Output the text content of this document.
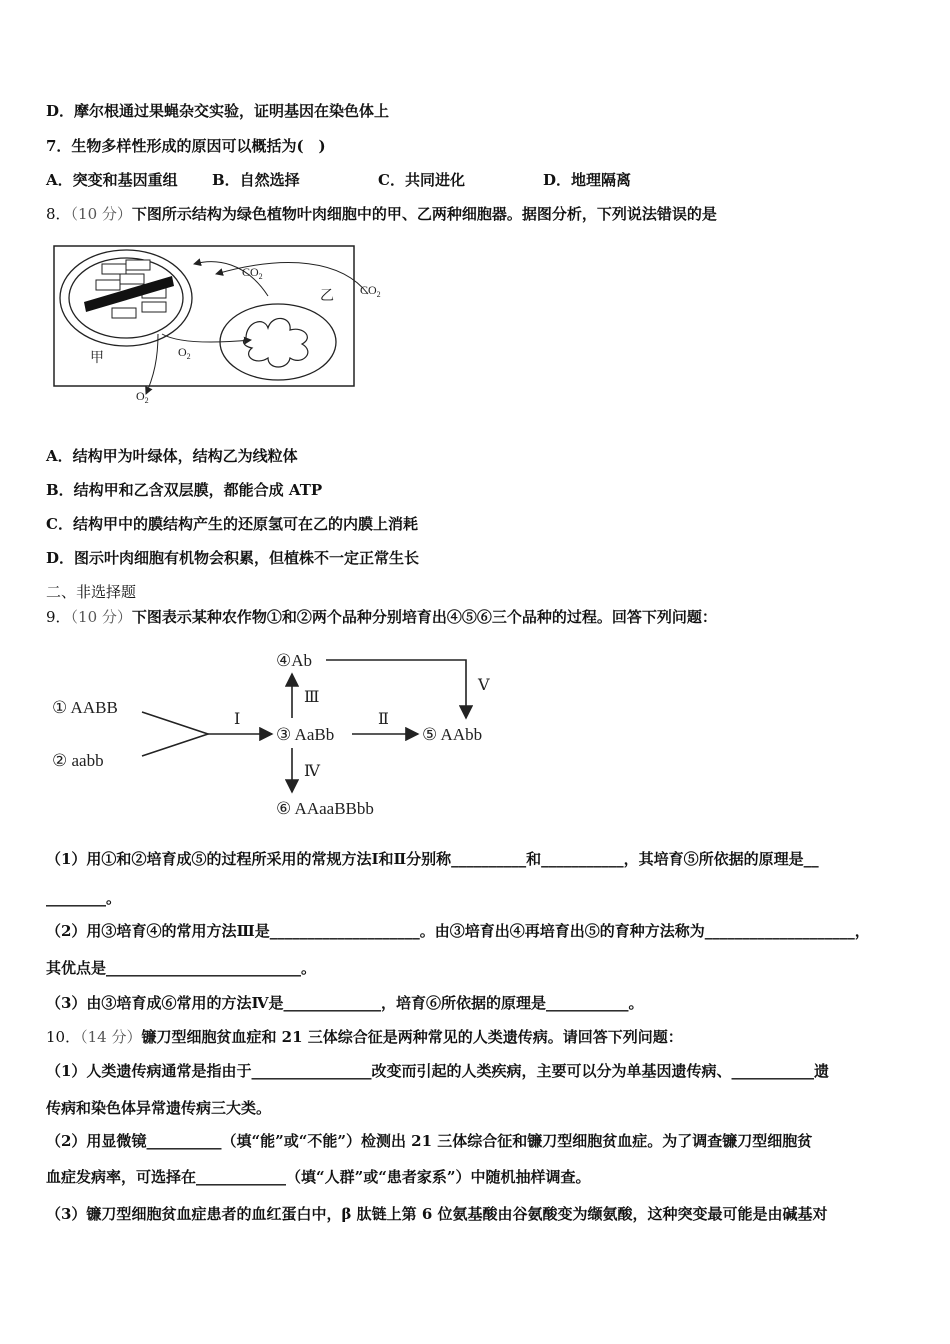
D．摩尔根通过果蝇杂交实验，证明基因在染色体上
7．生物多样性形成的原因可以概括为(　)
A．突变和基因重组 B．自然选择	C．共同进化	D．地理隔离
8．（10 分）下图所示结构为绿色植物叶肉细胞中的甲、乙两种细胞器。据图分析，下列说法错误的是
$CO_2$
$CO_2$
$O_2$
$O_2$
甲
乙
A．结构甲为叶绿体，结构乙为线粒体
B．结构甲和乙含双层膜，都能合成 ATP
C．结构甲中的膜结构产生的还原氢可在乙的内膜上消耗
D．图示叶肉细胞有机物会积累，但植株不一定正常生长
二、非选择题
9．（10 分）下图表示某种农作物①和②两个品种分别培育出④⑤⑥三个品种的过程。回答下列问题：
① AABB
② aabb
③ AaBb
④Ab
⑤ AAbb
⑥ AAaaBBbb
Ⅰ	Ⅱ
Ⅲ
Ⅳ
Ⅴ
（1）用①和②培育成⑤的过程所采用的常规方法Ⅰ和Ⅱ分别称__________和___________，其培育⑤所依据的原理是__
________。
（2）用③培育④的常用方法Ⅲ是____________________。由③培育出④再培育出⑤的育种方法称为____________________，
其优点是__________________________。
（3）由③培育成⑥常用的方法Ⅳ是_____________，培育⑥所依据的原理是___________。
10．（14 分）镰刀型细胞贫血症和 21 三体综合征是两种常见的人类遗传病。请回答下列问题：
（1）人类遗传病通常是指由于________________改变而引起的人类疾病，主要可以分为单基因遗传病、___________遗
传病和染色体异常遗传病三大类。
（2）用显微镜__________（填“能”或“不能”）检测出 21 三体综合征和镰刀型细胞贫血症。为了调查镰刀型细胞贫
血症发病率，可选择在____________（填“人群”或“患者家系”）中随机抽样调查。
（3）镰刀型细胞贫血症患者的血红蛋白中，β 肽链上第 6 位氨基酸由谷氨酸变为缬氨酸，这种突变最可能是由碱基对
